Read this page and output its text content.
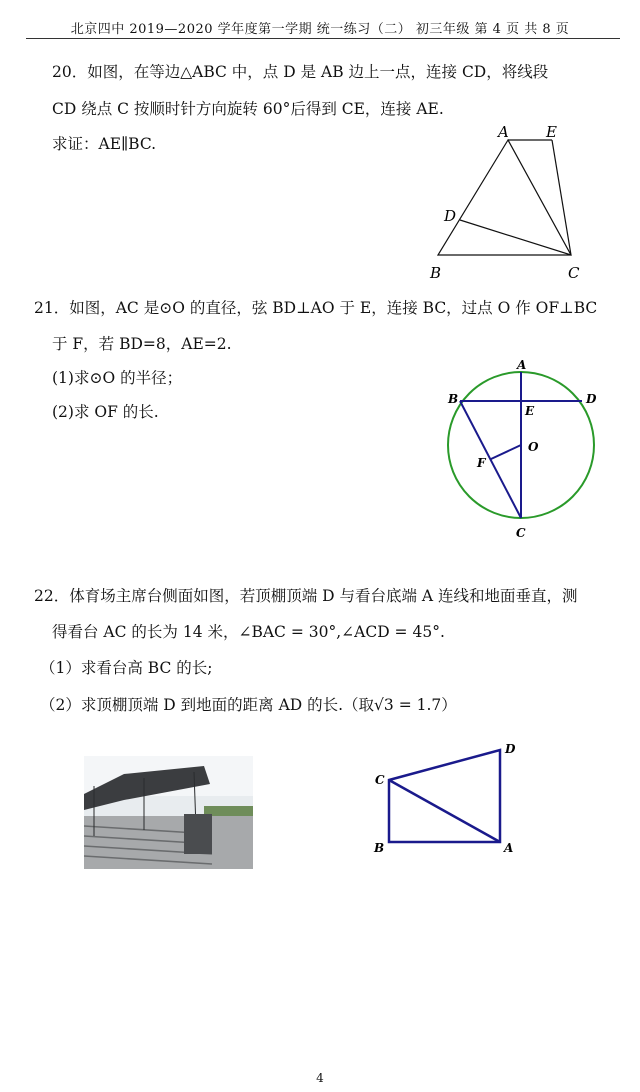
北京四中 2019—2020 学年度第一学期 统一练习（二） 初三年级 第 4 页 共 8 页
20．如图，在等边△ABC 中，点 D 是 AB 边上一点，连接 CD，将线段
CD 绕点 C 按顺时针方向旋转 60°后得到 CE，连接 AE.
求证：AE∥BC.
A E
D
B	C
21．如图，AC 是⊙O 的直径，弦 BD⊥AO 于 E，连接 BC，过点 O 作 OF⊥BC
于 F，若 BD=8，AE=2.
(1)求⊙O 的半径；
(2)求 OF 的长.
A
B	D
E
O
F
C
22．体育场主席台侧面如图，若顶棚顶端 D 与看台底端 A 连线和地面垂直，测
得看台 AC 的长为 14 米，∠BAC = 30°,∠ACD = 45°.
（1）求看台高 BC 的长;
（2）求顶棚顶端 D 到地面的距离 AD 的长.（取√3 = 1.7）
C
D
B	A
4
